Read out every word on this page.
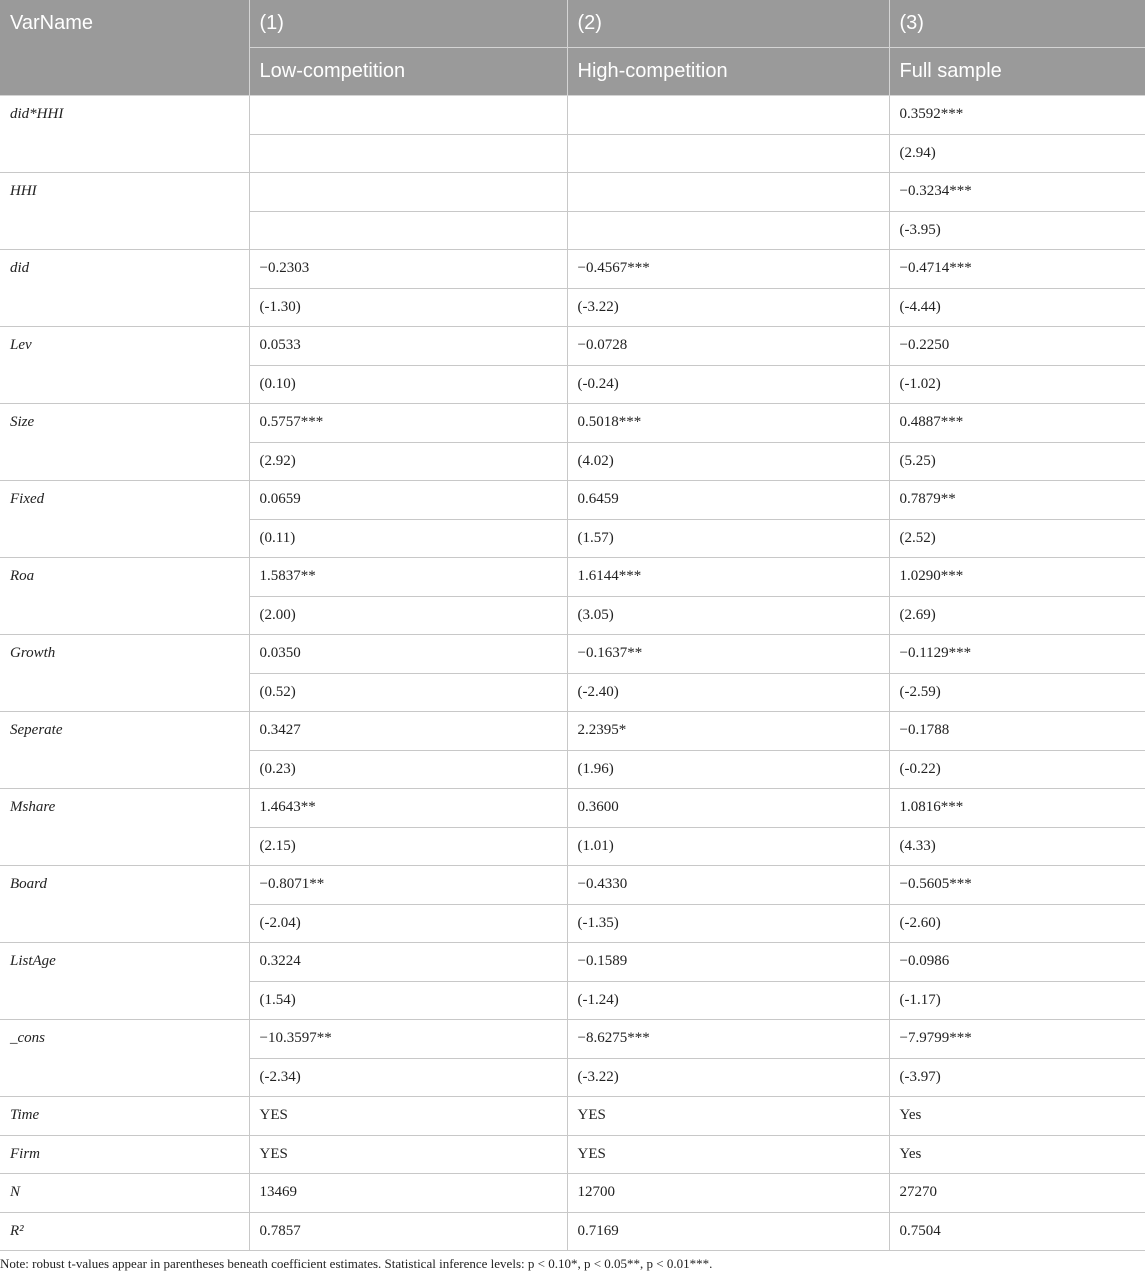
VarName	(1)	(2)	(3)
	Low-competition	High-competition	Full sample
did*HHI			0.3592***
			(2.94)
HHI			−0.3234***
			(-3.95)
did	−0.2303	−0.4567***	−0.4714***
	(-1.30)	(-3.22)	(-4.44)
Lev	0.0533	−0.0728	−0.2250
	(0.10)	(-0.24)	(-1.02)
Size	0.5757***	0.5018***	0.4887***
	(2.92)	(4.02)	(5.25)
Fixed	0.0659	0.6459	0.7879**
	(0.11)	(1.57)	(2.52)
Roa	1.5837**	1.6144***	1.0290***
	(2.00)	(3.05)	(2.69)
Growth	0.0350	−0.1637**	−0.1129***
	(0.52)	(-2.40)	(-2.59)
Seperate	0.3427	2.2395*	−0.1788
	(0.23)	(1.96)	(-0.22)
Mshare	1.4643**	0.3600	1.0816***
	(2.15)	(1.01)	(4.33)
Board	−0.8071**	−0.4330	−0.5605***
	(-2.04)	(-1.35)	(-2.60)
ListAge	0.3224	−0.1589	−0.0986
	(1.54)	(-1.24)	(-1.17)
_cons	−10.3597**	−8.6275***	−7.9799***
	(-2.34)	(-3.22)	(-3.97)
Time	YES	YES	Yes
Firm	YES	YES	Yes
N	13469	12700	27270
R²	0.7857	0.7169	0.7504
Note: robust t-values appear in parentheses beneath coefficient estimates. Statistical inference levels: p < 0.10*, p < 0.05**, p < 0.01***.
